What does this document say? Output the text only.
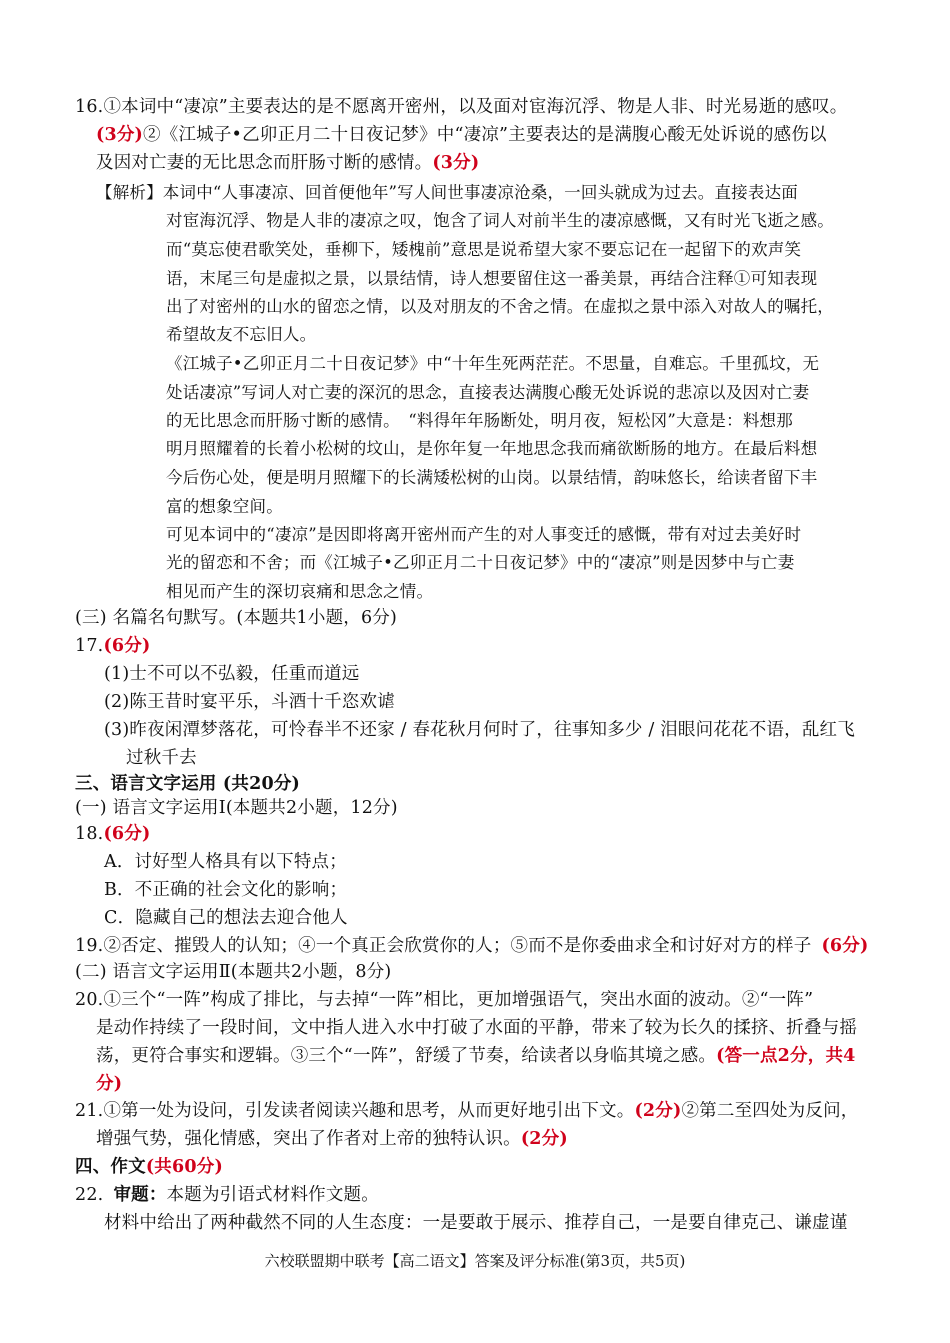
16.①本词中“凄凉”主要表达的是不愿离开密州，以及面对宦海沉浮、物是人非、时光易逝的感叹。
(3分)②《江城子•乙卯正月二十日夜记梦》中“凄凉”主要表达的是满腹心酸无处诉说的感伤以
及因对亡妻的无比思念而肝肠寸断的感情。(3分)
【解析】本词中“人事凄凉、回首便他年”写人间世事凄凉沧桑，一回头就成为过去。直接表达面
对宦海沉浮、物是人非的凄凉之叹，饱含了词人对前半生的凄凉感慨，又有时光飞逝之感。
而“莫忘使君歌笑处，垂柳下，矮槐前”意思是说希望大家不要忘记在一起留下的欢声笑
语，末尾三句是虚拟之景，以景结情，诗人想要留住这一番美景，再结合注释①可知表现
出了对密州的山水的留恋之情，以及对朋友的不舍之情。在虚拟之景中添入对故人的嘱托，
希望故友不忘旧人。
《江城子•乙卯正月二十日夜记梦》中“十年生死两茫茫。不思量，自难忘。千里孤坟，无
处话凄凉”写词人对亡妻的深沉的思念，直接表达满腹心酸无处诉说的悲凉以及因对亡妻
的无比思念而肝肠寸断的感情。　“料得年年肠断处，明月夜，短松冈”大意是：料想那
明月照耀着的长着小松树的坟山，是你年复一年地思念我而痛欲断肠的地方。在最后料想
今后伤心处，便是明月照耀下的长满矮松树的山岗。以景结情，韵味悠长，给读者留下丰
富的想象空间。
可见本词中的“凄凉”是因即将离开密州而产生的对人事变迁的感慨，带有对过去美好时
光的留恋和不舍；而《江城子•乙卯正月二十日夜记梦》中的“凄凉”则是因梦中与亡妻
相见而产生的深切哀痛和思念之情。
(三) 名篇名句默写。(本题共1小题，6分)
17.(6分)
(1)士不可以不弘毅，任重而道远
(2)陈王昔时宴平乐，斗酒十千恣欢谑
(3)昨夜闲潭梦落花，可怜春半不还家 / 春花秋月何时了，往事知多少 / 泪眼问花花不语，乱红飞
过秋千去
三、语言文字运用 (共20分)
(一) 语言文字运用Ⅰ(本题共2小题，12分)
18.(6分)
A．讨好型人格具有以下特点；
B．不正确的社会文化的影响；
C．隐藏自己的想法去迎合他人
19.②否定、摧毁人的认知；④一个真正会欣赏你的人；⑤而不是你委曲求全和讨好对方的样子 (6分)
(二) 语言文字运用Ⅱ(本题共2小题，8分)
20.①三个“一阵”构成了排比，与去掉“一阵”相比，更加增强语气，突出水面的波动。②“一阵”
是动作持续了一段时间，文中指人进入水中打破了水面的平静，带来了较为长久的揉挤、折叠与摇
荡，更符合事实和逻辑。③三个“一阵”，舒缓了节奏，给读者以身临其境之感。(答一点2分，共4
分)
21.①第一处为设问，引发读者阅读兴趣和思考，从而更好地引出下文。(2分)②第二至四处为反问，
增强气势，强化情感，突出了作者对上帝的独特认识。(2分)
四、作文(共60分)
22. 审题：本题为引语式材料作文题。
材料中给出了两种截然不同的人生态度：一是要敢于展示、推荐自己，一是要自律克己、谦虚谨
六校联盟期中联考【高二语文】答案及评分标准(第3页，共5页)
